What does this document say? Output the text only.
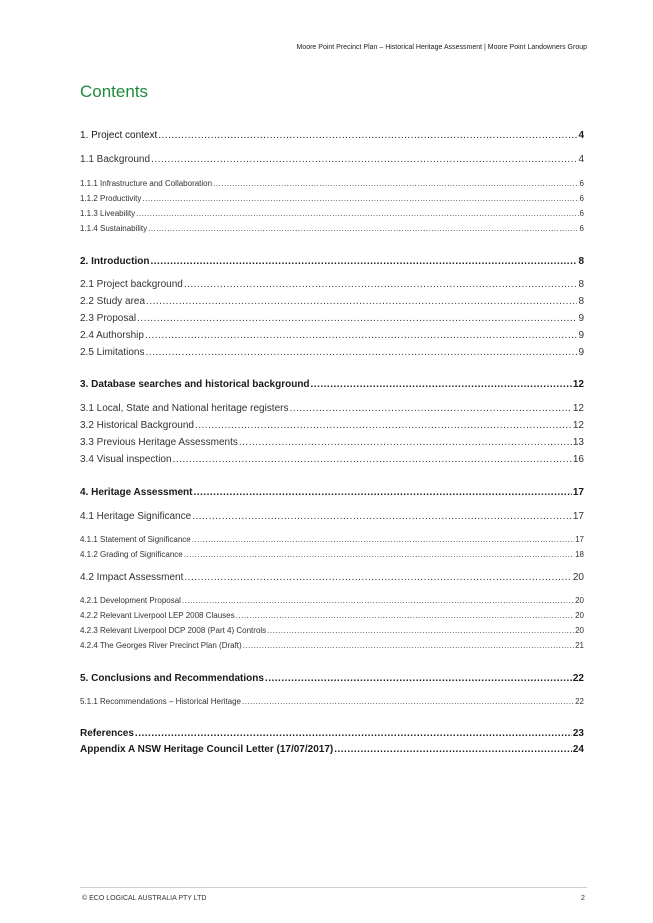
Moore Point Precinct Plan – Historical Heritage Assessment | Moore Point Landowners Group
Contents
1. Project context .....	4
1.1 Background .....	4
1.1.1 Infrastructure and Collaboration .....	6
1.1.2 Productivity .....	6
1.1.3 Liveability .....	6
1.1.4 Sustainability .....	6
2. Introduction .....	8
2.1 Project background .....	8
2.2 Study area .....	8
2.3 Proposal .....	9
2.4 Authorship .....	9
2.5 Limitations .....	9
3. Database searches and historical background .....	12
3.1 Local, State and National heritage registers .....	12
3.2 Historical Background .....	12
3.3 Previous Heritage Assessments .....	13
3.4 Visual inspection .....	16
4. Heritage Assessment .....	17
4.1 Heritage Significance .....	17
4.1.1 Statement of Significance .....	17
4.1.2 Grading of Significance .....	18
4.2 Impact Assessment .....	20
4.2.1 Development Proposal .....	20
4.2.2 Relevant Liverpool LEP 2008 Clauses .....	20
4.2.3 Relevant Liverpool DCP 2008 (Part 4) Controls .....	20
4.2.4 The Georges River Precinct Plan (Draft) .....	21
5. Conclusions and Recommendations .....	22
5.1.1 Recommendations – Historical Heritage .....	22
References .....	23
Appendix A NSW Heritage Council Letter (17/07/2017) .....	24
© ECO LOGICAL AUSTRALIA PTY LTD	2
